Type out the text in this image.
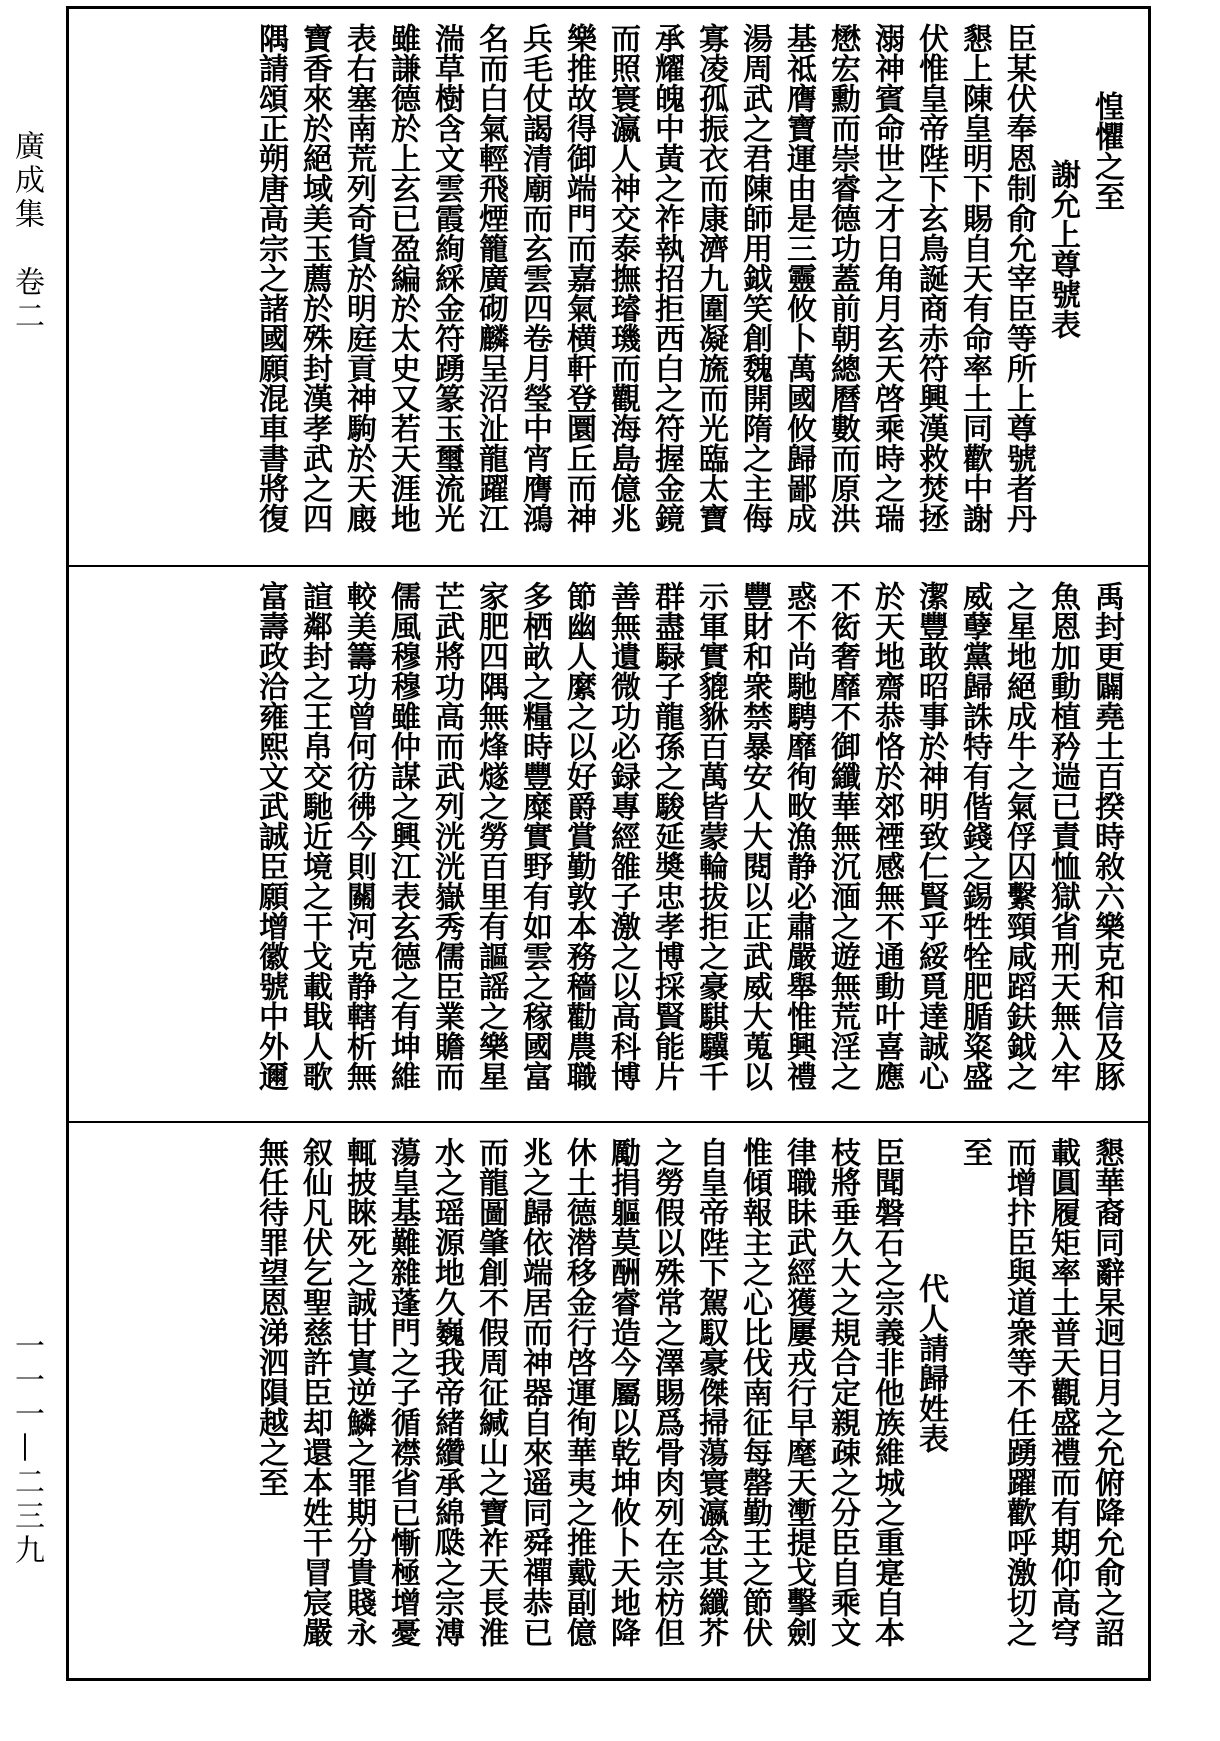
廣成集　卷二
一一一—二三九
惶懼之至
謝允上尊號表
臣某伏奉恩制俞允宰臣等所上尊號者丹
懇上陳皇明下賜自天有命率土同歡中謝
伏惟皇帝陛下玄鳥誕商赤符興漢救焚拯
溺神賓命世之才日角月玄天啓乘時之瑞
懋宏勳而崇睿德功蓋前朝總曆數而原洪
基祗膺寶運由是三靈攸卜萬國攸歸鄙成
湯周武之君陳師用鉞笑創魏開隋之主侮
寡凌孤振衣而康濟九圍凝旒而光臨太寶
承耀魄中黃之祚執招拒西白之符握金鏡
而照寰瀛人神交泰撫璿璣而觀海島億兆
樂推故得御端門而嘉氣横軒登圜丘而神
兵毛仗謁清廟而玄雲四卷月瑩中宵膺鴻
名而白氣輕飛煙籠廣砌麟呈沼沚龍躍江
湍草樹含文雲霞絢綵金符踴篆玉璽流光
雖謙德於上玄已盈編於太史又若天涯地
表右塞南荒列奇貨於明庭貢神駒於天廄
寶香來於絕域美玉薦於殊封漢孝武之四
隅請頌正朔唐高宗之諸國願混車書將復
禹封更闢堯土百揆時敘六樂克和信及豚
魚恩加動植矜遄已責恤獄省刑天無入牢
之星地絕成牛之氣俘囚繫頸咸蹈鈇鉞之
威孽黨歸誅特有偕錢之錫牲牷肥腯粢盛
潔豐敢昭事於神明致仁賢乎綏覓達誠心
於天地齋恭恪於郊禋感無不通動叶喜應
不衒奢靡不御纖華無沉湎之遊無荒淫之
惑不尚馳騁靡徇畋漁静必肅嚴舉惟興禮
豐財和衆禁暴安人大閱以正武威大蒐以
示軍實貔貅百萬皆蒙輪拔拒之豪騏驥千
群盡騄子龍孫之駿延奬忠孝博採賢能片
善無遺微功必録專經雒子激之以高科博
節幽人縻之以好爵賞勤敦本務穡勸農職
多栖畝之糧時豐糜實野有如雲之稼國富
家肥四隅無烽燧之勞百里有謳謡之樂星
芒武將功高而武列洸洸嶽秀儒臣業贍而
儒風穆穆雖仲謀之興江表玄德之有坤維
較美籌功曾何彷彿今則關河克静轄析無
諠鄰封之王帛交馳近境之干戈載戢人歌
富壽政洽雍熙文武誠臣願增徽號中外邇
懇華裔同辭杲迥日月之允俯降允俞之詔
載圓履矩率土普天觀盛禮而有期仰高穹
而增抃臣與道衆等不任踴躍歡呼激切之
至
代人請歸姓表
臣聞磐石之宗義非他族維城之重寔自本
枝將垂久大之規合定親疎之分臣自乘文
律職眛武經獲屢戎行早麾天壍提戈擊劍
惟傾報主之心比伐南征每罄勤王之節伏
自皇帝陛下駕馭豪傑掃蕩寰瀛念其纖芥
之勞假以殊常之澤賜爲骨肉列在宗枋但
勵捐軀莫酬睿造今屬以乾坤攸卜天地降
休土德潜移金行啓運徇華夷之推戴副億
兆之歸依端居而神器自來遥同舜禪恭已
而龍圖肇創不假周征緘山之寶祚天長淮
水之瑶源地久巍我帝緒纘承綿瓞之宗溥
蕩皇基難雜蓬門之子循襟省已慚極增憂
輒披睞死之誠甘寘逆鱗之罪期分貴賤永
叙仙凡伏乞聖慈許臣却還本姓干冒宸嚴
無任待罪望恩涕泗隕越之至
